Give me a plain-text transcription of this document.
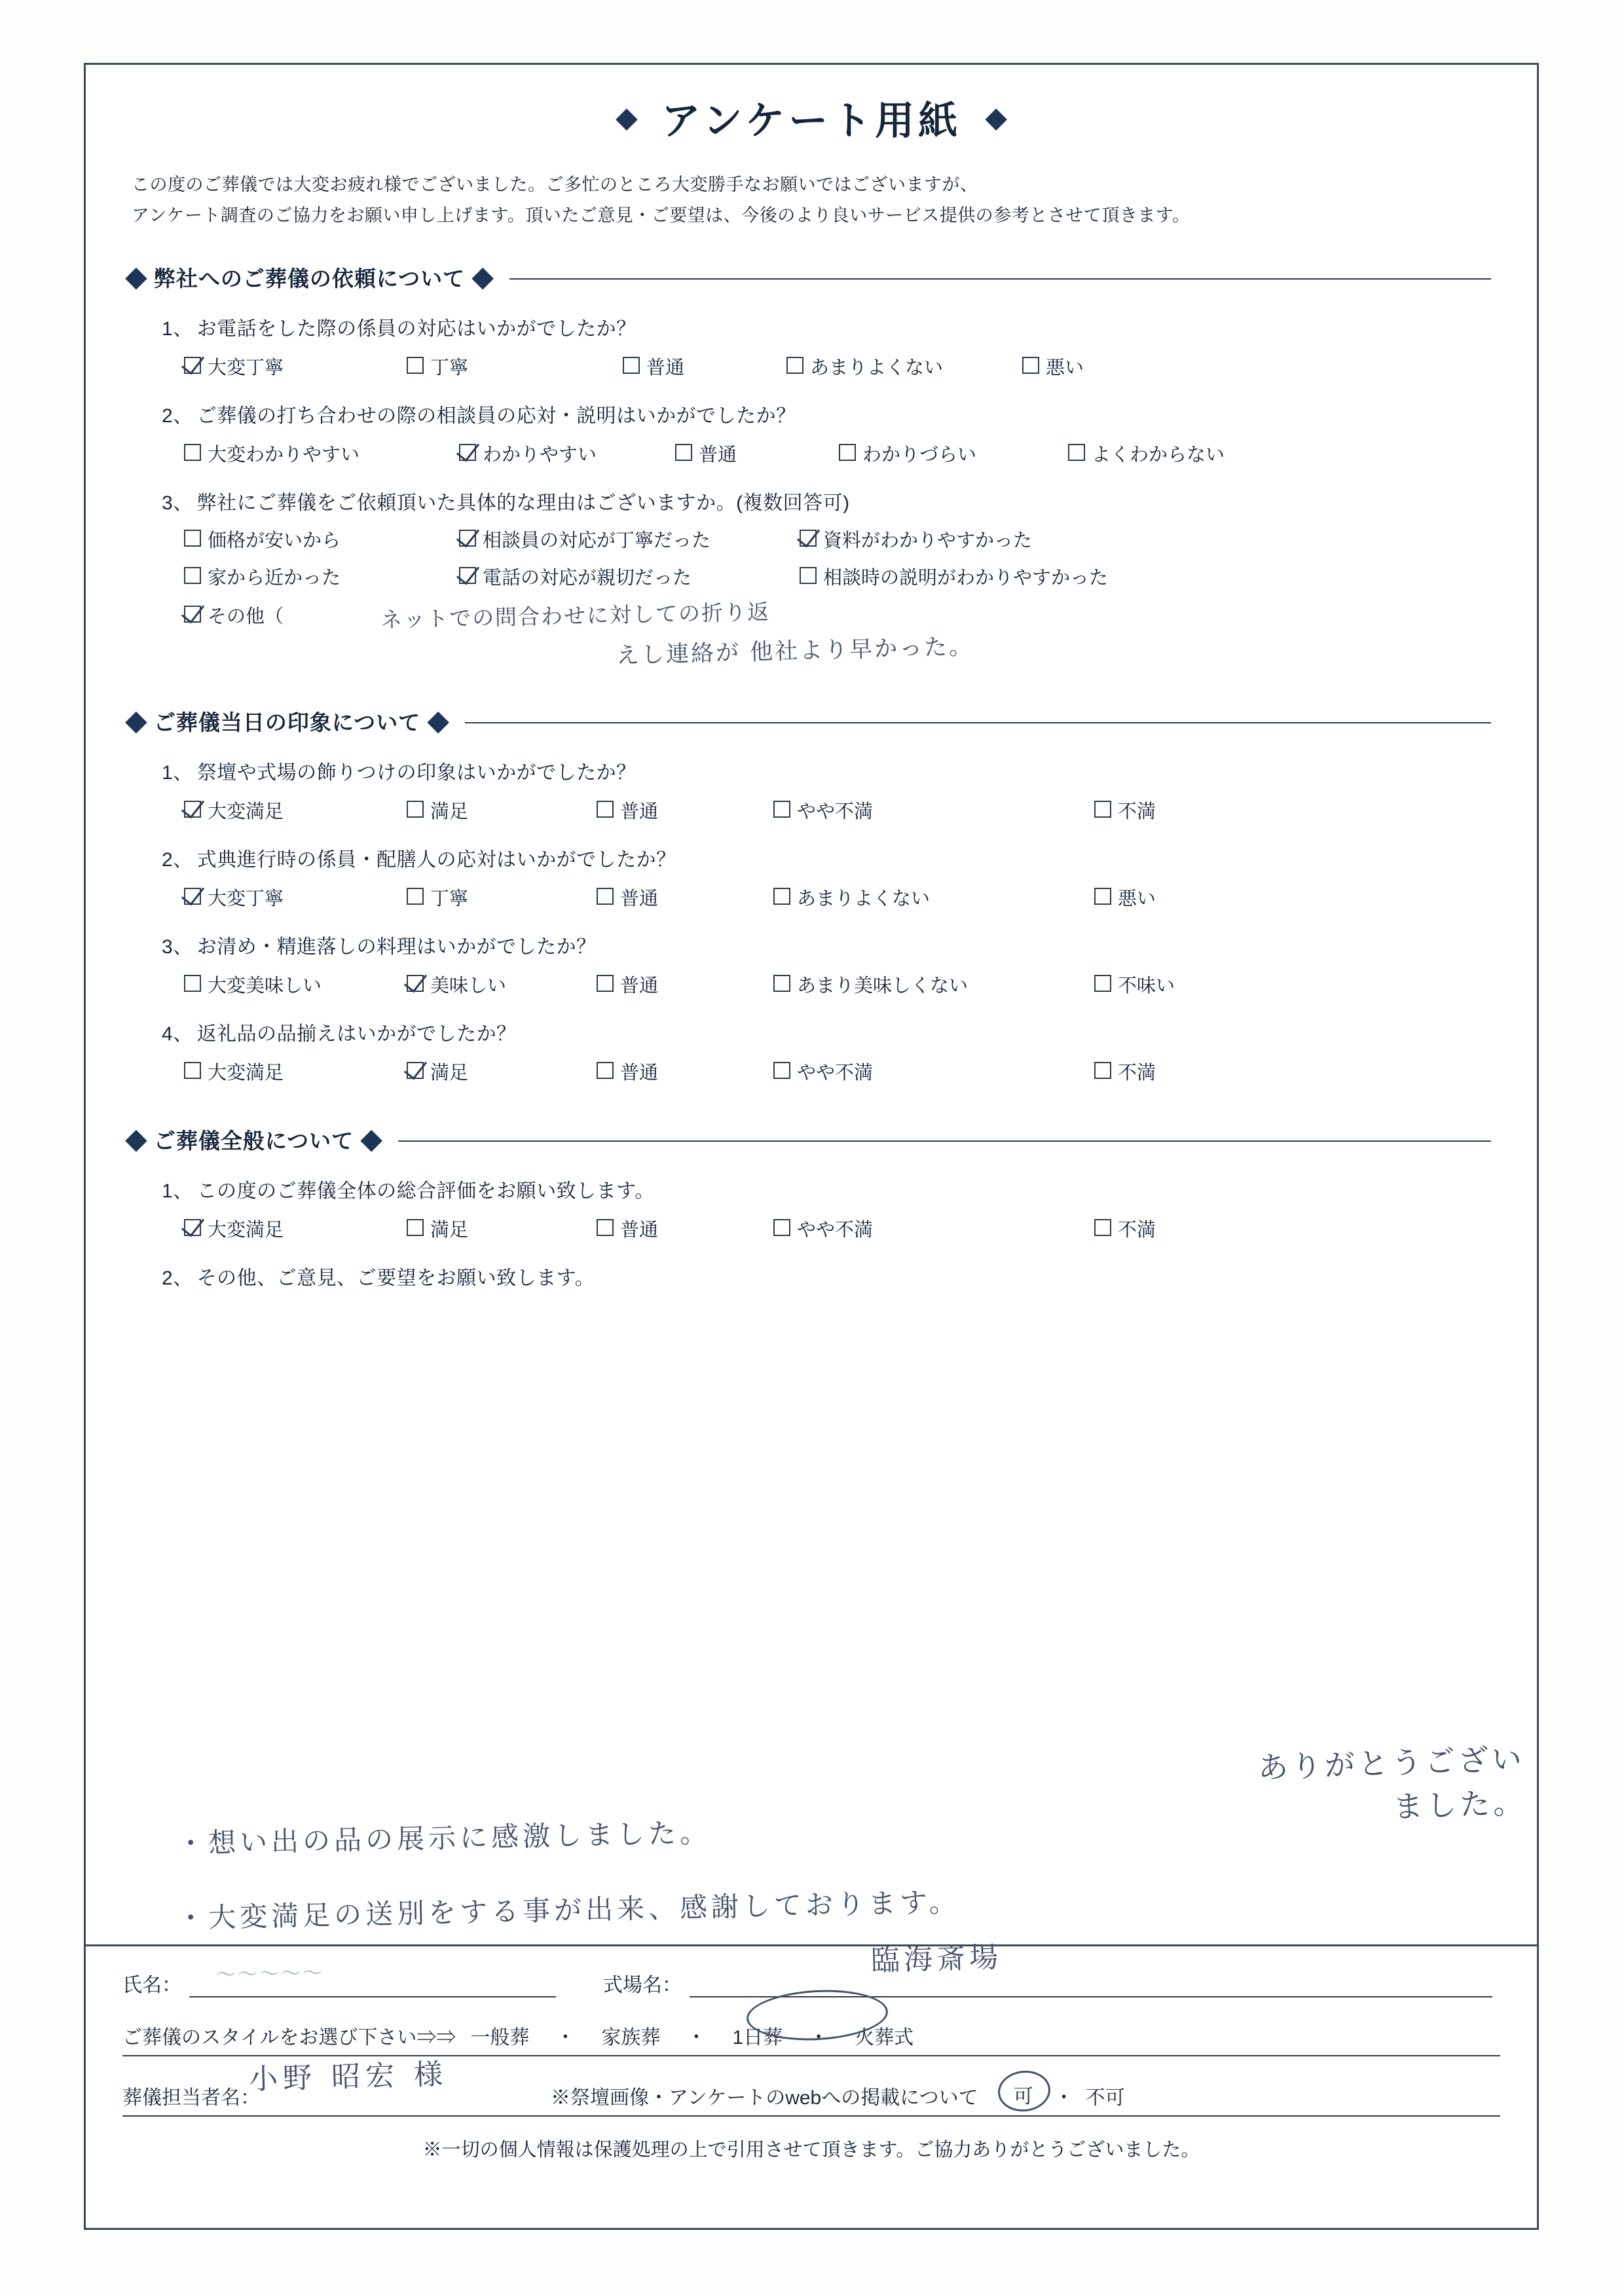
◆ アンケート用紙 ◆
この度のご葬儀では大変お疲れ様でございました。ご多忙のところ大変勝手なお願いではございますが、
アンケート調査のご協力をお願い申し上げます。頂いたご意見・ご要望は、今後のより良いサービス提供の参考とさせて頂きます。
◆ 弊社へのご葬儀の依頼について ◆
1、 お電話をした際の係員の対応はいかがでしたか？
大変丁寧	丁寧	普通	あまりよくない	悪い
2、 ご葬儀の打ち合わせの際の相談員の応対・説明はいかがでしたか？
大変わかりやすい	わかりやすい	普通	わかりづらい	よくわからない
3、 弊社にご葬儀をご依頼頂いた具体的な理由はございますか。(複数回答可)
価格が安いから	相談員の対応が丁寧だった	資料がわかりやすかった
家から近かった	電話の対応が親切だった	相談時の説明がわかりやすかった
その他（	ネットでの問合わせに対しての折り返
えし連絡が 他社より早かった。
◆ ご葬儀当日の印象について ◆
1、 祭壇や式場の飾りつけの印象はいかがでしたか？
大変満足	満足	普通	やや不満	不満
2、 式典進行時の係員・配膳人の応対はいかがでしたか？
大変丁寧	丁寧	普通	あまりよくない	悪い
3、 お清め・精進落しの料理はいかがでしたか？
大変美味しい	美味しい	普通	あまり美味しくない	不味い
4、 返礼品の品揃えはいかがでしたか？
大変満足	満足	普通	やや不満	不満
◆ ご葬儀全般について ◆
1、 この度のご葬儀全体の総合評価をお願い致します。
大変満足	満足	普通	やや不満	不満
2、 その他、ご意見、ご要望をお願い致します。
氏名：	式場名：
ご葬儀のスタイルをお選び下さい⇒⇒ 一般葬 ・ 家族葬 ・ 1日葬 ・ 火葬式
葬儀担当者名：	※祭壇画像・アンケートのwebへの掲載について	可	・ 不可
※一切の個人情報は保護処理の上で引用させて頂きます。ご協力ありがとうございました。
ありがとうござい
ました。
・想い出の品の展示に感激しました。
・大変満足の送別をする事が出来、感謝しております。
臨海斎場
小野 昭宏 様
～～～～～
